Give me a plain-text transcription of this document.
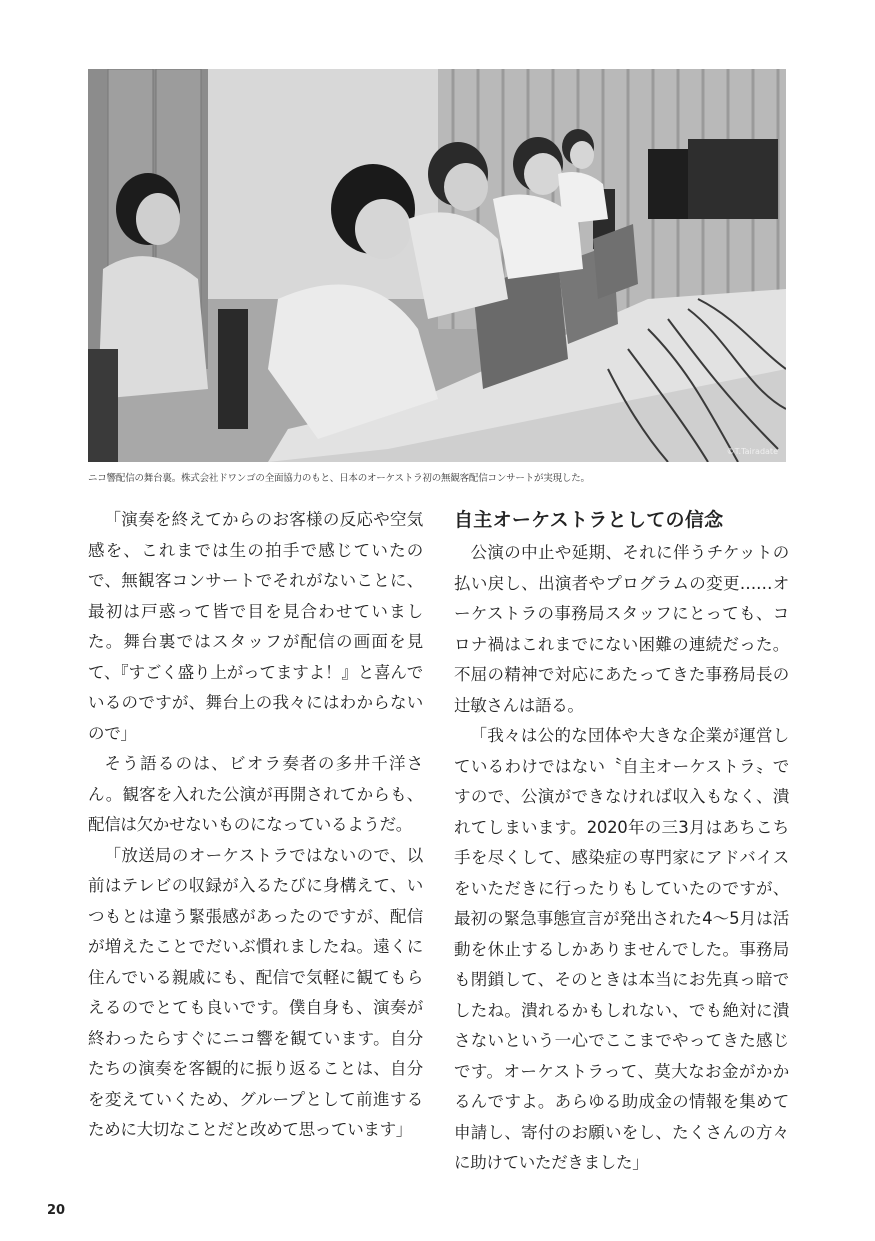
©T.Tairadate
ニコ響配信の舞台裏。株式会社ドワンゴの全面協力のもと、日本のオーケストラ初の無観客配信コンサートが実現した。

「演奏を終えてからのお客様の反応や空気感を、これまでは生の拍手で感じていたので、無観客コンサートでそれがないことに、最初は戸惑って皆で目を見合わせていました。舞台裏ではスタッフが配信の画面を見て、『すごく盛り上がってますよ！』と喜んでいるのですが、舞台上の我々にはわからないので」

そう語るのは、ビオラ奏者の多井千洋さん。観客を入れた公演が再開されてからも、配信は欠かせないものになっているようだ。

「放送局のオーケストラではないので、以前はテレビの収録が入るたびに身構えて、いつもとは違う緊張感があったのですが、配信が増えたことでだいぶ慣れましたね。遠くに住んでいる親戚にも、配信で気軽に観てもらえるのでとても良いです。僕自身も、演奏が終わったらすぐにニコ響を観ています。自分たちの演奏を客観的に振り返ることは、自分を変えていくため、グループとして前進するために大切なことだと改めて思っています」

自主オーケストラとしての信念

公演の中止や延期、それに伴うチケットの払い戻し、出演者やプログラムの変更……オーケストラの事務局スタッフにとっても、コロナ禍はこれまでにない困難の連続だった。不屈の精神で対応にあたってきた事務局長の辻敏さんは語る。

「我々は公的な団体や大きな企業が運営しているわけではない〝自主オーケストラ〟ですので、公演ができなければ収入もなく、潰れてしまいます。2020年の三3月はあちこち手を尽くして、感染症の専門家にアドバイスをいただきに行ったりもしていたのですが、最初の緊急事態宣言が発出された4〜5月は活動を休止するしかありませんでした。事務局も閉鎖して、そのときは本当にお先真っ暗でしたね。潰れるかもしれない、でも絶対に潰さないという一心でここまでやってきた感じです。オーケストラって、莫大なお金がかかるんですよ。あらゆる助成金の情報を集めて申請し、寄付のお願いをし、たくさんの方々に助けていただきました」

20
